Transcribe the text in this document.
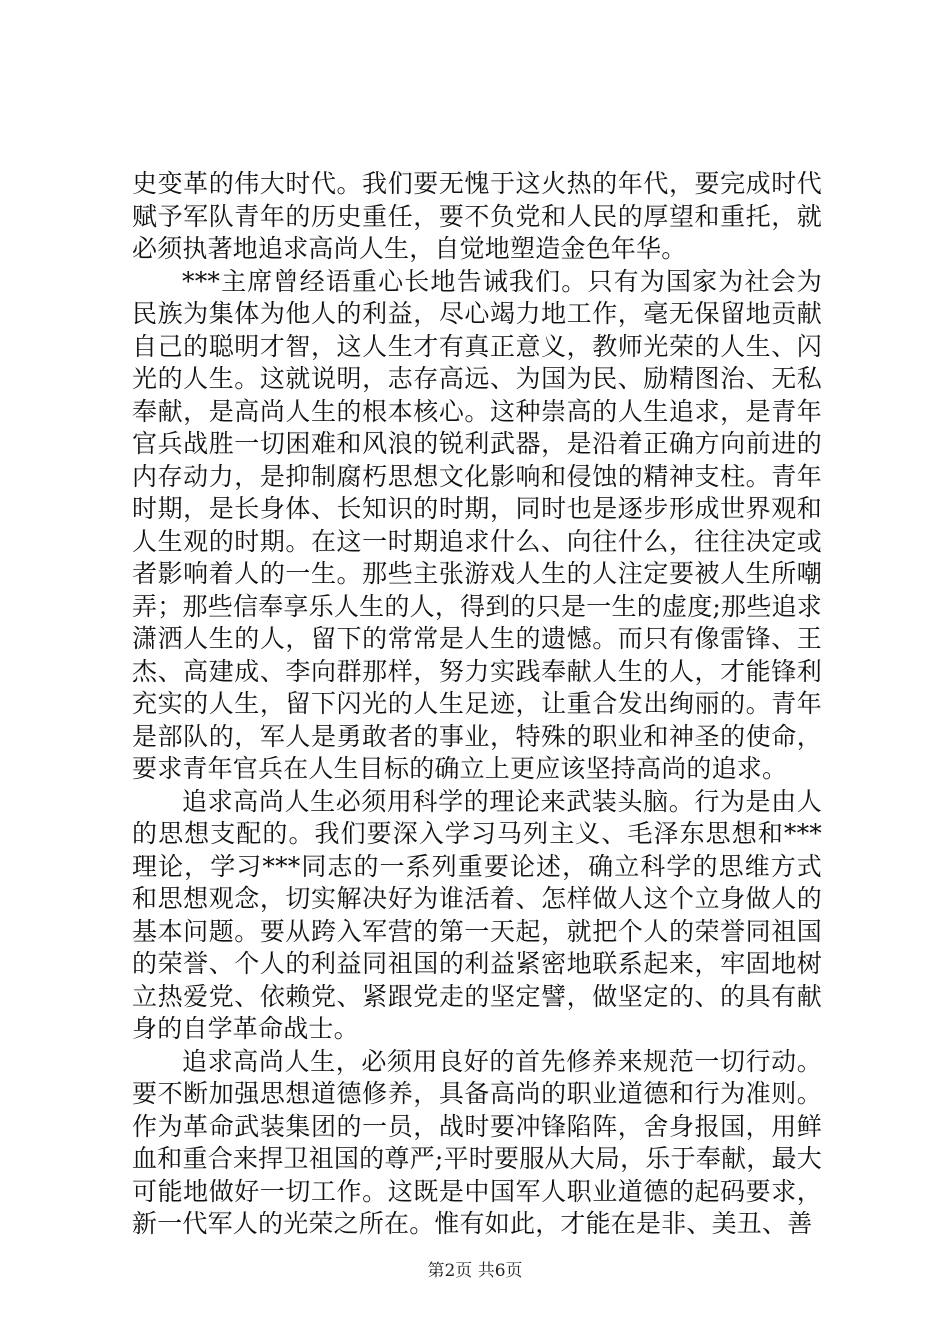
史变革的伟大时代。我们要无愧于这火热的年代，要完成时代赋予军队青年的历史重任，要不负党和人民的厚望和重托，就必须执著地追求高尚人生，自觉地塑造金色年华。

***主席曾经语重心长地告诫我们。只有为国家为社会为民族为集体为他人的利益，尽心竭力地工作，毫无保留地贡献自己的聪明才智，这人生才有真正意义，教师光荣的人生、闪光的人生。这就说明，志存高远、为国为民、励精图治、无私奉献，是高尚人生的根本核心。这种崇高的人生追求，是青年官兵战胜一切困难和风浪的锐利武器，是沿着正确方向前进的内存动力，是抑制腐朽思想文化影响和侵蚀的精神支柱。青年时期，是长身体、长知识的时期，同时也是逐步形成世界观和人生观的时期。在这一时期追求什么、向往什么，往往决定或者影响着人的一生。那些主张游戏人生的人注定要被人生所嘲弄；那些信奉享乐人生的人，得到的只是一生的虚度;那些追求潇洒人生的人，留下的常常是人生的遗憾。而只有像雷锋、王杰、高建成、李向群那样，努力实践奉献人生的人，才能锋利充实的人生，留下闪光的人生足迹，让重合发出绚丽的。青年是部队的，军人是勇敢者的事业，特殊的职业和神圣的使命，要求青年官兵在人生目标的确立上更应该坚持高尚的追求。

追求高尚人生必须用科学的理论来武装头脑。行为是由人的思想支配的。我们要深入学习马列主义、毛泽东思想和***理论，学习***同志的一系列重要论述，确立科学的思维方式和思想观念，切实解决好为谁活着、怎样做人这个立身做人的基本问题。要从跨入军营的第一天起，就把个人的荣誉同祖国的荣誉、个人的利益同祖国的利益紧密地联系起来，牢固地树立热爱党、依赖党、紧跟党走的坚定譬，做坚定的、的具有献身的自学革命战士。

追求高尚人生，必须用良好的首先修养来规范一切行动。要不断加强思想道德修养，具备高尚的职业道德和行为准则。作为革命武装集团的一员，战时要冲锋陷阵，舍身报国，用鲜血和重合来捍卫祖国的尊严;平时要服从大局，乐于奉献，最大可能地做好一切工作。这既是中国军人职业道德的起码要求，新一代军人的光荣之所在。惟有如此，才能在是非、美丑、善

第2页 共6页
